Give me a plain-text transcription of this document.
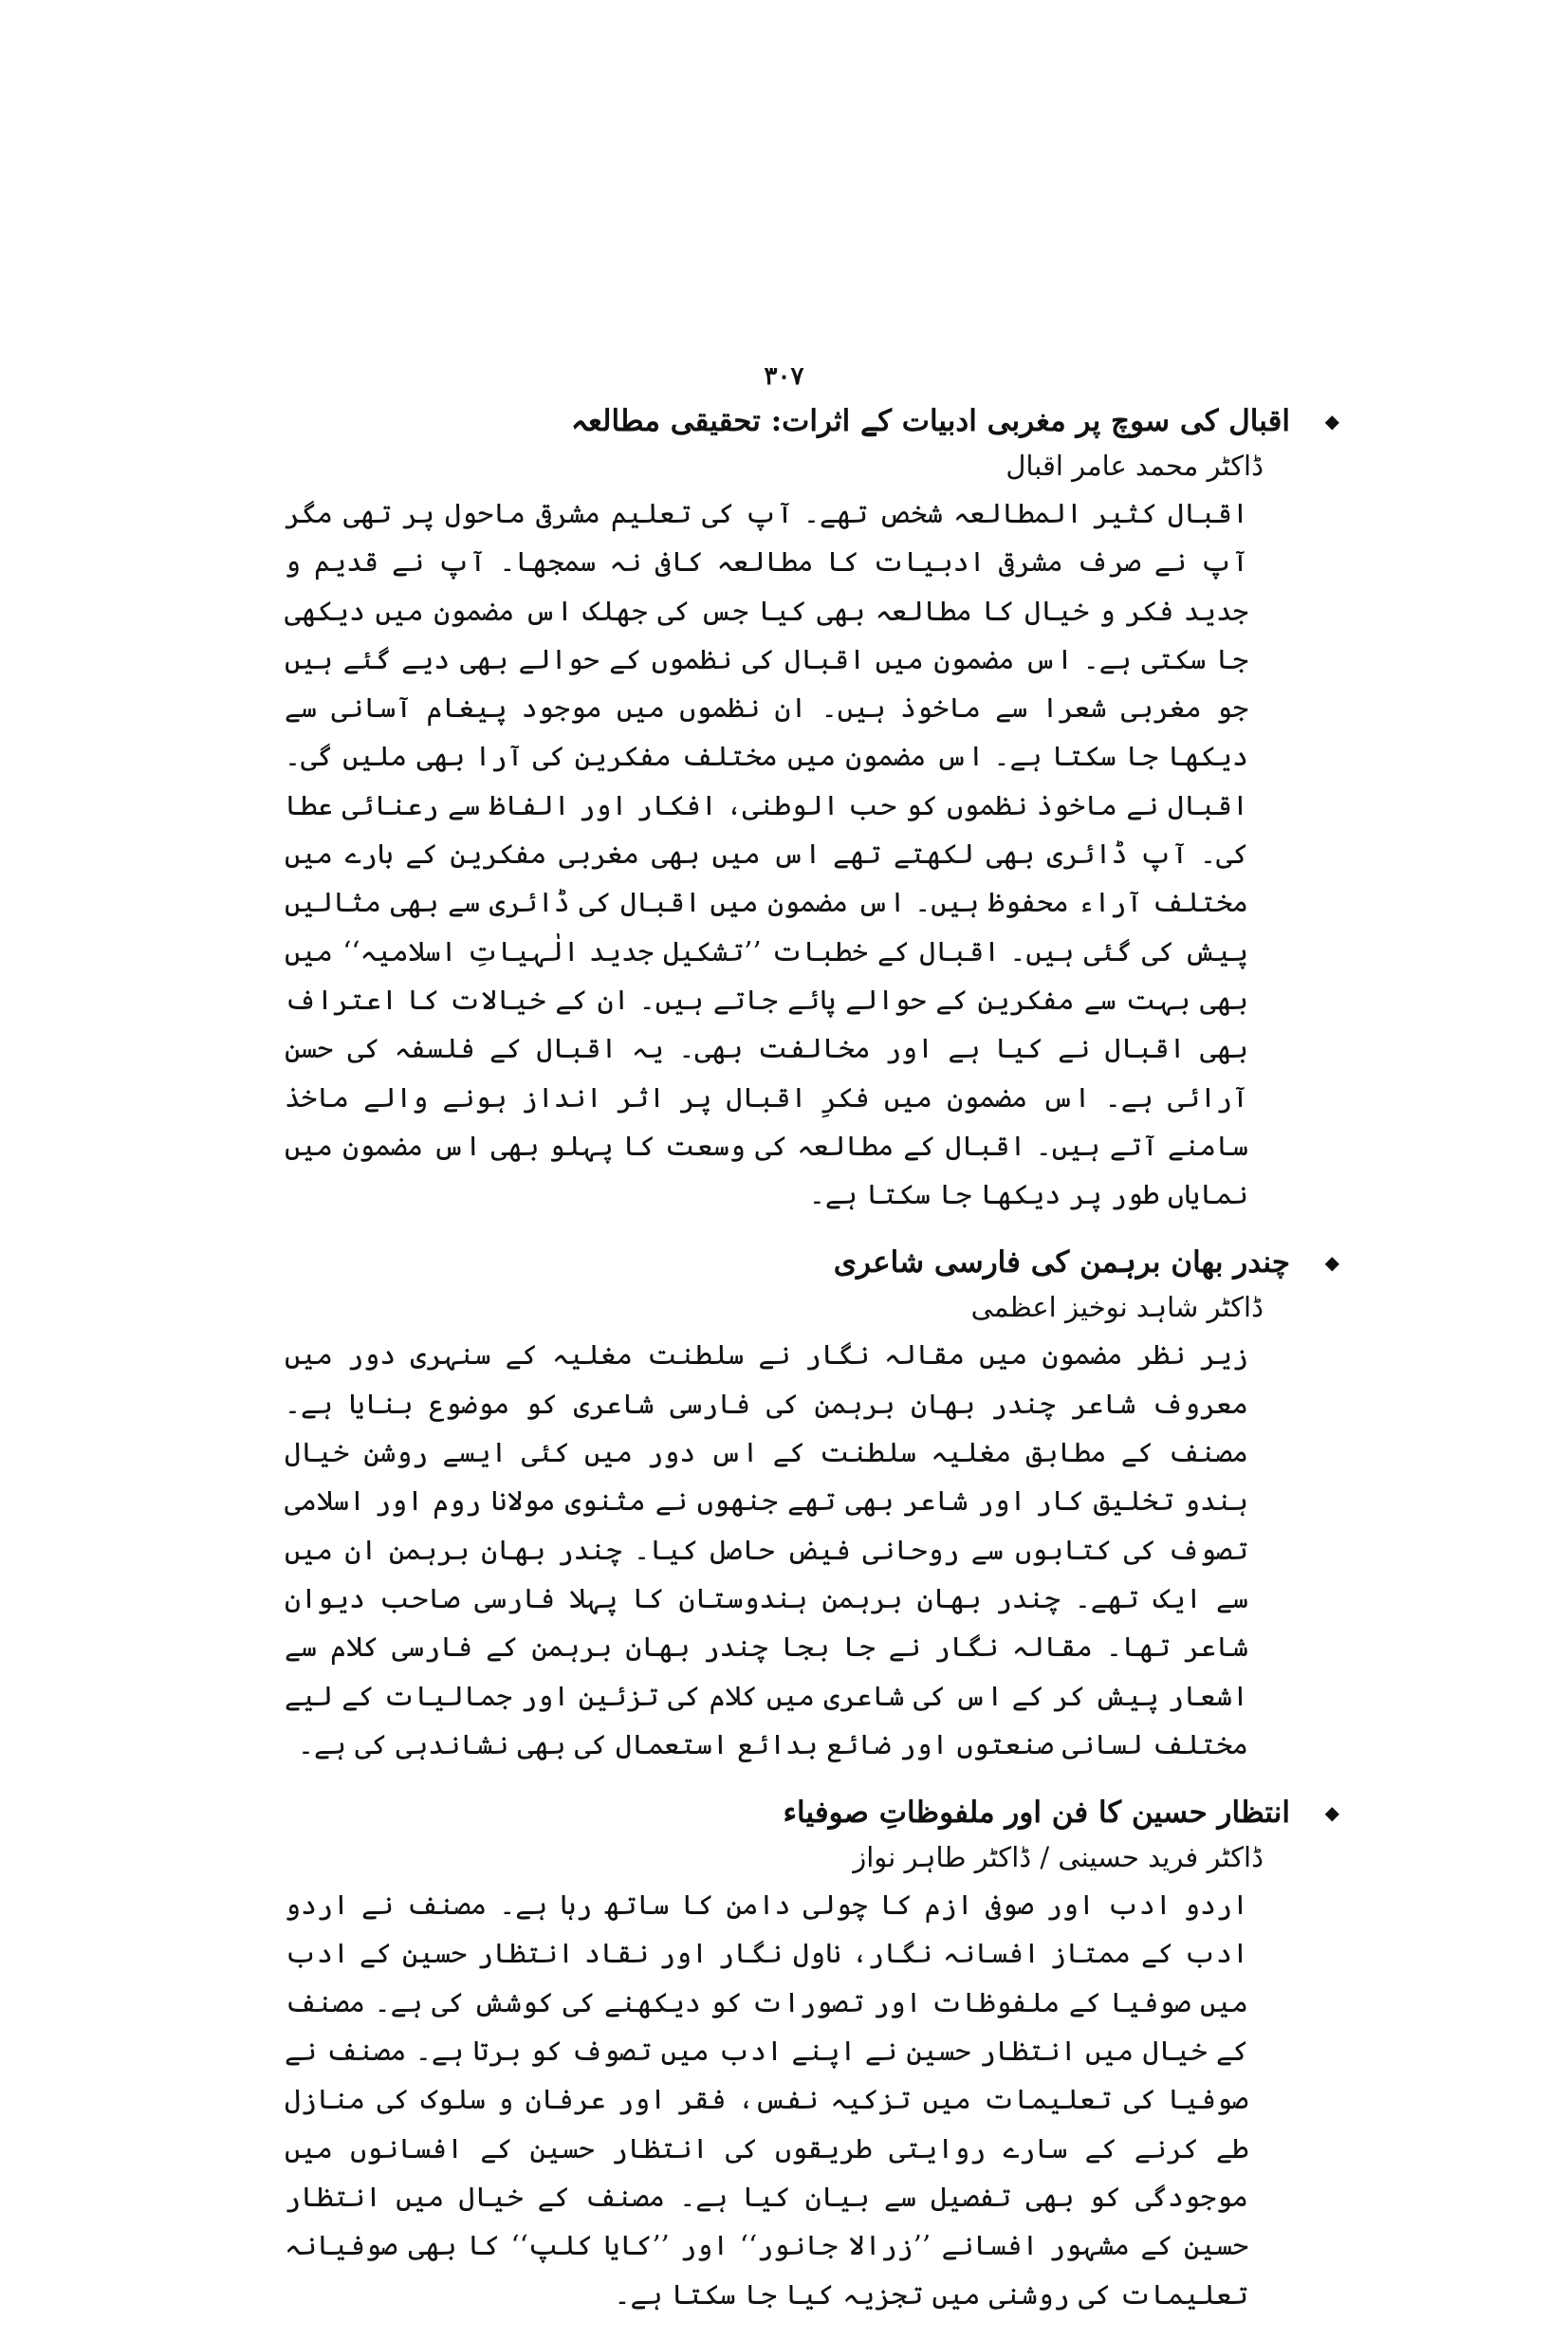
٣٠٧
◆
اقبال کی سوچ پر مغربی ادبیات کے اثرات: تحقیقی مطالعہ
ڈاکٹر محمد عامر اقبال
اقبال کثیر المطالعہ شخص تھے۔ آپ کی تعلیم مشرقی ماحول پر تھی مگر آپ نے صرف مشرقی ادبیات کا مطالعہ کافی نہ سمجھا۔ آپ نے قدیم و جدید فکر و خیال کا مطالعہ بھی کیا جس کی جھلک اس مضمون میں دیکھی جا سکتی ہے۔ اس مضمون میں اقبال کی نظموں کے حوالے بھی دیے گئے ہیں جو مغربی شعرا سے ماخوذ ہیں۔ ان نظموں میں موجود پیغام آسانی سے دیکھا جا سکتا ہے۔ اس مضمون میں مختلف مفکرین کی آرا بھی ملیں گی۔ اقبال نے ماخوذ نظموں کو حب الوطنی، افکار اور الفاظ سے رعنائی عطا کی۔ آپ ڈائری بھی لکھتے تھے اس میں بھی مغربی مفکرین کے بارے میں مختلف آراء محفوظ ہیں۔ اس مضمون میں اقبال کی ڈائری سے بھی مثالیں پیش کی گئی ہیں۔ اقبال کے خطبات ’’تشکیل جدید الٰہیاتِ اسلامیہ‘‘ میں بھی بہت سے مفکرین کے حوالے پائے جاتے ہیں۔ ان کے خیالات کا اعتراف بھی اقبال نے کیا ہے اور مخالفت بھی۔ یہ اقبال کے فلسفہ کی حسن آرائی ہے۔ اس مضمون میں فکرِ اقبال پر اثر انداز ہونے والے ماخذ سامنے آتے ہیں۔ اقبال کے مطالعہ کی وسعت کا پہلو بھی اس مضمون میں نمایاں طور پر دیکھا جا سکتا ہے۔
◆
چندر بھان برہمن کی فارسی شاعری
ڈاکٹر شاہد نوخیز اعظمی
زیر نظر مضمون میں مقالہ نگار نے سلطنت مغلیہ کے سنہری دور میں معروف شاعر چندر بھان برہمن کی فارسی شاعری کو موضوع بنایا ہے۔ مصنف کے مطابق مغلیہ سلطنت کے اس دور میں کئی ایسے روشن خیال ہندو تخلیق کار اور شاعر بھی تھے جنھوں نے مثنوی مولانا روم اور اسلامی تصوف کی کتابوں سے روحانی فیض حاصل کیا۔ چندر بھان برہمن ان میں سے ایک تھے۔ چندر بھان برہمن ہندوستان کا پہلا فارسی صاحب دیوان شاعر تھا۔ مقالہ نگار نے جا بجا چندر بھان برہمن کے فارسی کلام سے اشعار پیش کر کے اس کی شاعری میں کلام کی تزئین اور جمالیات کے لیے مختلف لسانی صنعتوں اور ضائع بدائع استعمال کی بھی نشاندہی کی ہے۔
◆
انتظار حسین کا فن اور ملفوظاتِ صوفیاء
ڈاکٹر فرید حسینی / ڈاکٹر طاہر نواز
اردو ادب اور صوفی ازم کا چولی دامن کا ساتھ رہا ہے۔ مصنف نے اردو ادب کے ممتاز افسانہ نگار، ناول نگار اور نقاد انتظار حسین کے ادب میں صوفیا کے ملفوظات اور تصورات کو دیکھنے کی کوشش کی ہے۔ مصنف کے خیال میں انتظار حسین نے اپنے ادب میں تصوف کو برتا ہے۔ مصنف نے صوفیا کی تعلیمات میں تزکیہ نفس، فقر اور عرفان و سلوک کی منازل طے کرنے کے سارے روایتی طریقوں کی انتظار حسین کے افسانوں میں موجودگی کو بھی تفصیل سے بیان کیا ہے۔ مصنف کے خیال میں انتظار حسین کے مشہور افسانے ’’زرالا جانور‘‘ اور ’’کایا کلپ‘‘ کا بھی صوفیانہ تعلیمات کی روشنی میں تجزیہ کیا جا سکتا ہے۔
